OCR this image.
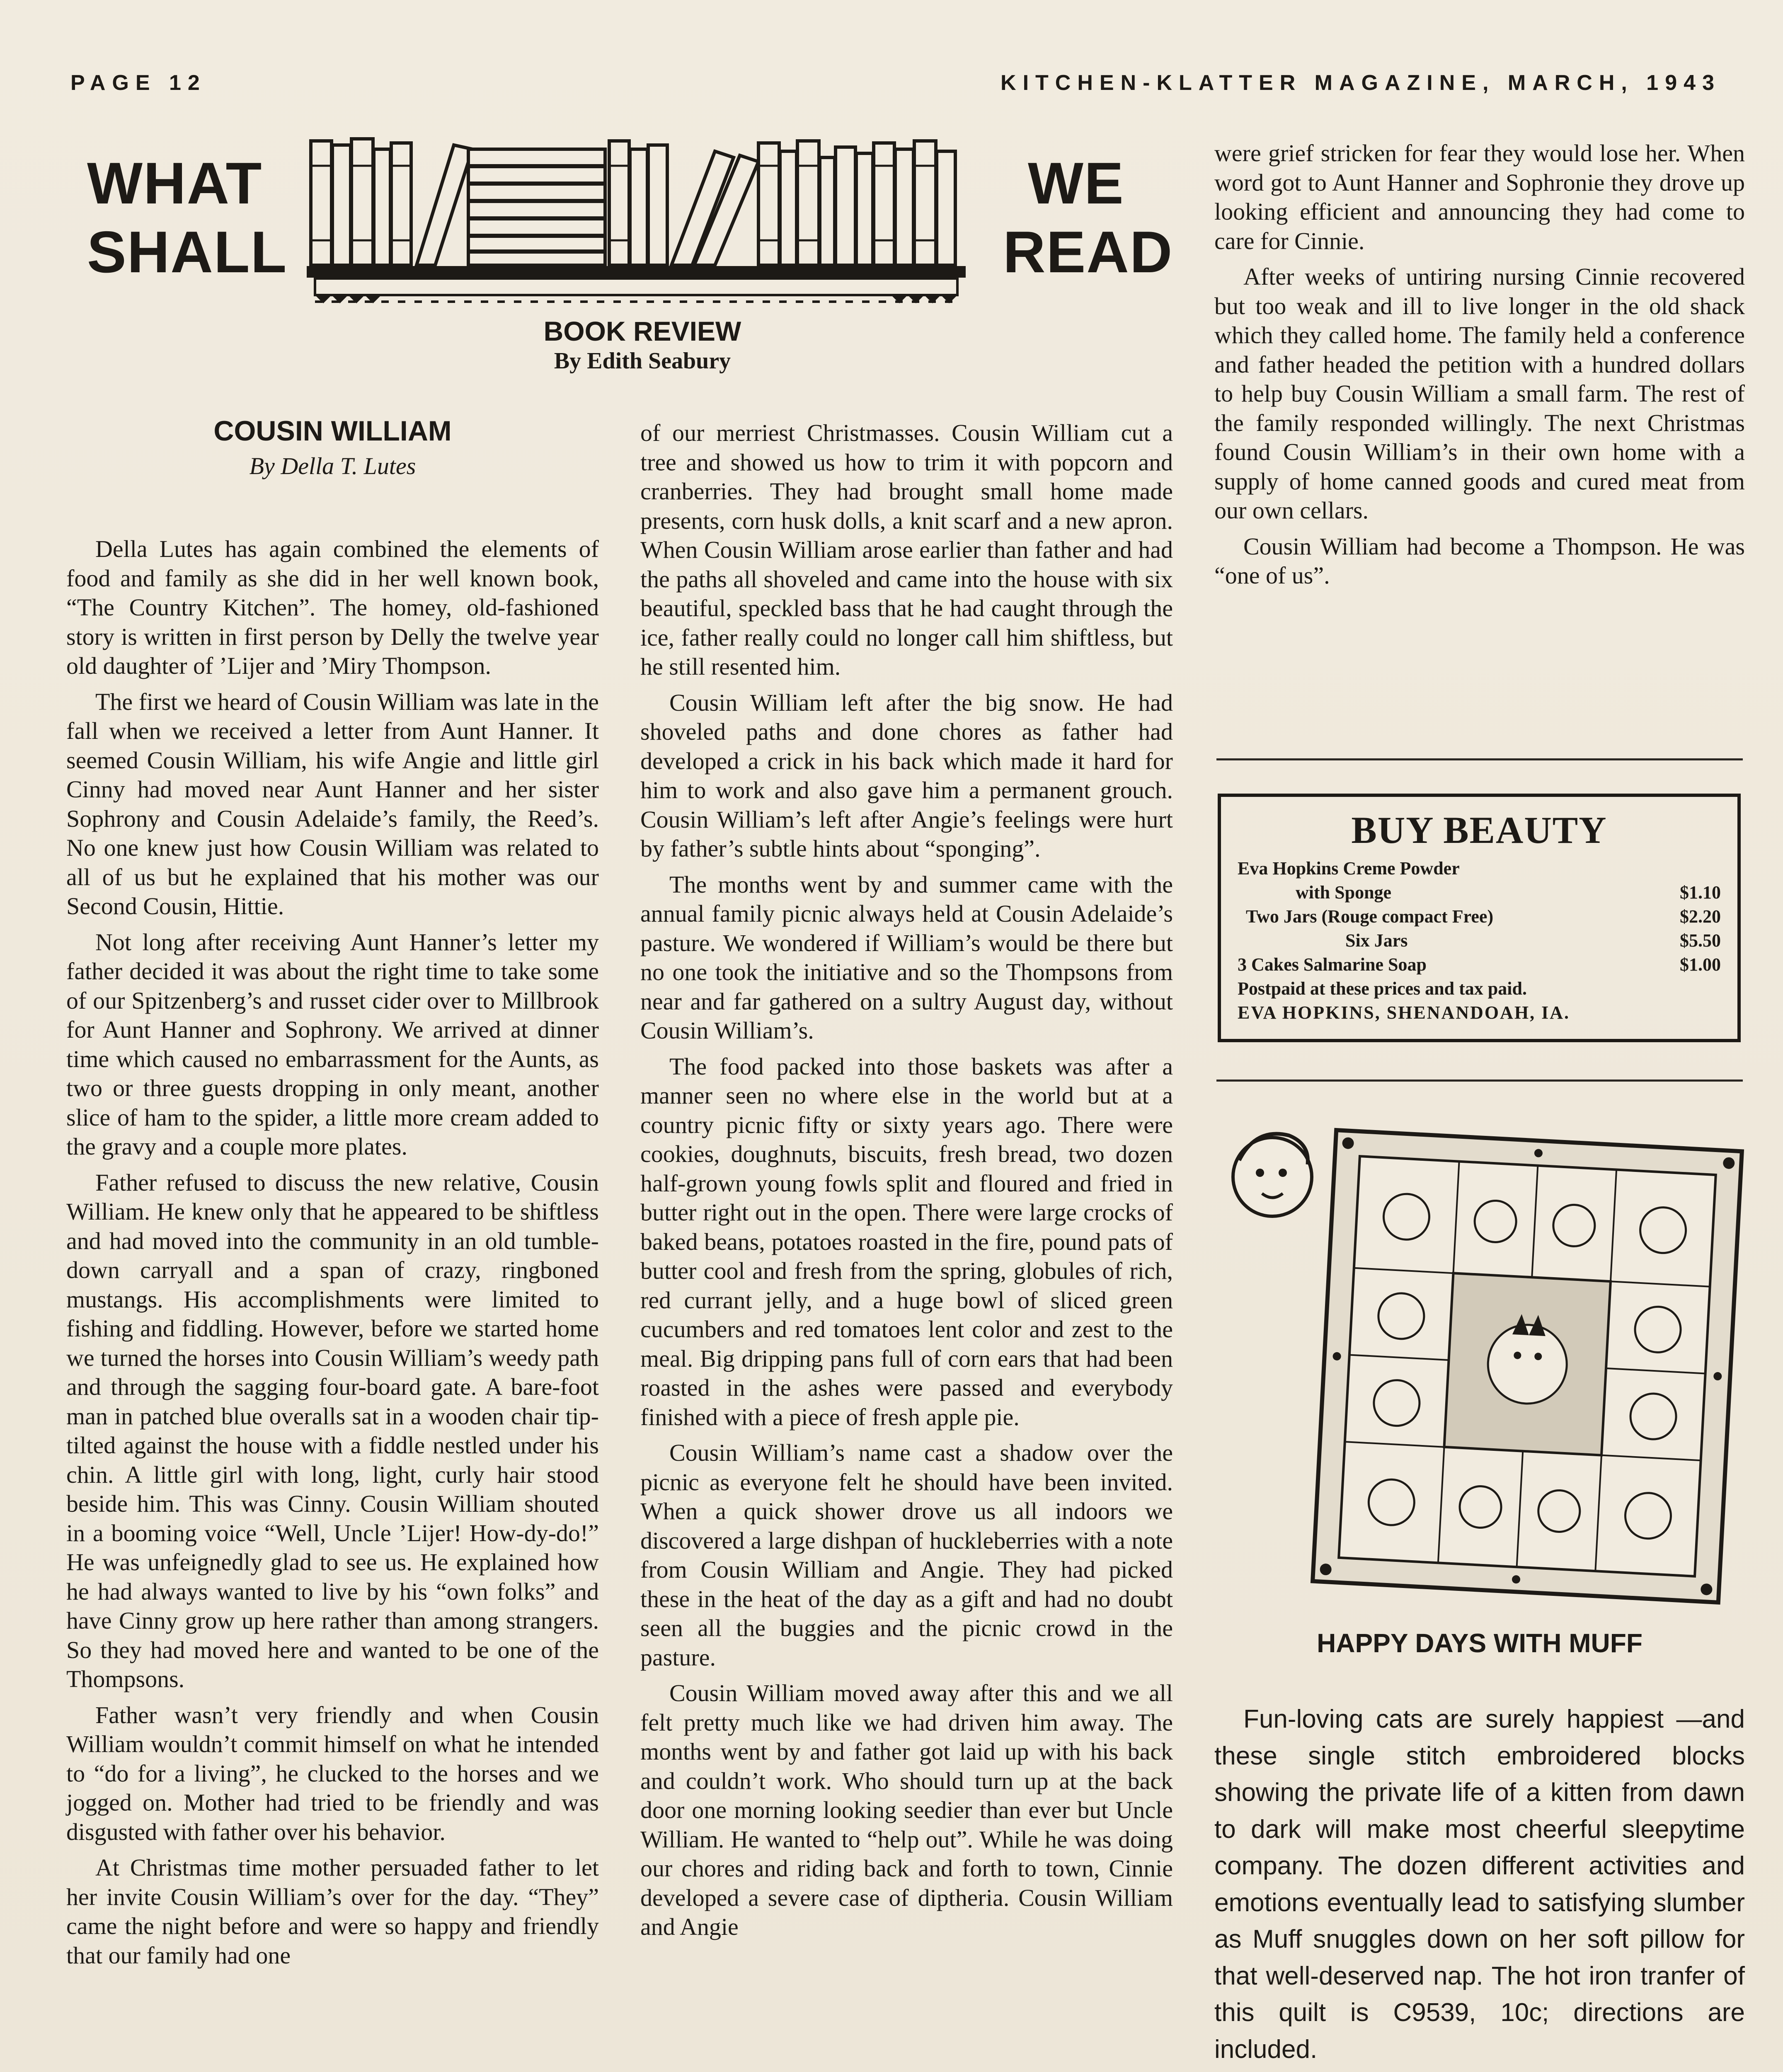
PAGE 12	KITCHEN-KLATTER MAGAZINE, MARCH, 1943
WHAT
SHALL
WE
READ
BOOK REVIEW
By Edith Seabury
COUSIN WILLIAM
By Della T. Lutes

Della Lutes has again combined the elements of food and family as she did in her well known book, “The Country Kitchen”. The homey, old-fashioned story is written in first person by Delly the twelve year old daughter of ’Lijer and ’Miry Thompson.

The first we heard of Cousin William was late in the fall when we received a letter from Aunt Hanner. It seemed Cousin William, his wife Angie and little girl Cinny had moved near Aunt Hanner and her sister Sophrony and Cousin Adelaide’s family, the Reed’s. No one knew just how Cousin William was related to all of us but he explained that his mother was our Second Cousin, Hittie.

Not long after receiving Aunt Hanner’s letter my father decided it was about the right time to take some of our Spitzenberg’s and russet cider over to Millbrook for Aunt Hanner and Sophrony. We arrived at dinner time which caused no embarrassment for the Aunts, as two or three guests dropping in only meant, another slice of ham to the spider, a little more cream added to the gravy and a couple more plates.

Father refused to discuss the new relative, Cousin William. He knew only that he appeared to be shiftless and had moved into the community in an old tumble-down carryall and a span of crazy, ringboned mustangs. His accomplishments were limited to fishing and fiddling. However, before we started home we turned the horses into Cousin William’s weedy path and through the sagging four-board gate. A bare-foot man in patched blue overalls sat in a wooden chair tip-tilted against the house with a fiddle nestled under his chin. A little girl with long, light, curly hair stood beside him. This was Cinny. Cousin William shouted in a booming voice “Well, Uncle ’Lijer! How-dy-do!” He was unfeignedly glad to see us. He explained how he had always wanted to live by his “own folks” and have Cinny grow up here rather than among strangers. So they had moved here and wanted to be one of the Thompsons.

Father wasn’t very friendly and when Cousin William wouldn’t commit himself on what he intended to “do for a living”, he clucked to the horses and we jogged on. Mother had tried to be friendly and was disgusted with father over his behavior.

At Christmas time mother persuaded father to let her invite Cousin William’s over for the day. “They” came the night before and were so happy and friendly that our family had one

of our merriest Christmasses. Cousin William cut a tree and showed us how to trim it with popcorn and cranberries. They had brought small home made presents, corn husk dolls, a knit scarf and a new apron. When Cousin William arose earlier than father and had the paths all shoveled and came into the house with six beautiful, speckled bass that he had caught through the ice, father really could no longer call him shiftless, but he still resented him.

Cousin William left after the big snow. He had shoveled paths and done chores as father had developed a crick in his back which made it hard for him to work and also gave him a permanent grouch. Cousin William’s left after Angie’s feelings were hurt by father’s subtle hints about “sponging”.

The months went by and summer came with the annual family picnic always held at Cousin Adelaide’s pasture. We wondered if William’s would be there but no one took the initiative and so the Thompsons from near and far gathered on a sultry August day, without Cousin William’s.

The food packed into those baskets was after a manner seen no where else in the world but at a country picnic fifty or sixty years ago. There were cookies, doughnuts, biscuits, fresh bread, two dozen half-grown young fowls split and floured and fried in butter right out in the open. There were large crocks of baked beans, potatoes roasted in the fire, pound pats of butter cool and fresh from the spring, globules of rich, red currant jelly, and a huge bowl of sliced green cucumbers and red tomatoes lent color and zest to the meal. Big dripping pans full of corn ears that had been roasted in the ashes were passed and everybody finished with a piece of fresh apple pie.

Cousin William’s name cast a shadow over the picnic as everyone felt he should have been invited. When a quick shower drove us all indoors we discovered a large dishpan of huckleberries with a note from Cousin William and Angie. They had picked these in the heat of the day as a gift and had no doubt seen all the buggies and the picnic crowd in the pasture.

Cousin William moved away after this and we all felt pretty much like we had driven him away. The months went by and father got laid up with his back and couldn’t work. Who should turn up at the back door one morning looking seedier than ever but Uncle William. He wanted to “help out”. While he was doing our chores and riding back and forth to town, Cinnie developed a severe case of diptheria. Cousin William and Angie

were grief stricken for fear they would lose her. When word got to Aunt Hanner and Sophronie they drove up looking efficient and announcing they had come to care for Cinnie.

After weeks of untiring nursing Cinnie recovered but too weak and ill to live longer in the old shack which they called home. The family held a conference and father headed the petition with a hundred dollars to help buy Cousin William a small farm. The rest of the family responded willingly. The next Christmas found Cousin William’s in their own home with a supply of home canned goods and cured meat from our own cellars.

Cousin William had become a Thompson. He was “one of us”.

BUY BEAUTY
Eva Hopkins Creme Powder
with Sponge	$1.10
Two Jars (Rouge compact Free)	$2.20
Six Jars	$5.50
3 Cakes Salmarine Soap	$1.00
Postpaid at these prices and tax paid.
EVA HOPKINS, SHENANDOAH, IA.
HAPPY DAYS WITH MUFF

Fun-loving cats are surely happiest —and these single stitch embroidered blocks showing the private life of a kitten from dawn to dark will make most cheerful sleepytime company. The dozen different activities and emotions eventually lead to satisfying slumber as Muff snuggles down on her soft pillow for that well-deserved nap. The hot iron tranfer of this quilt is C9539, 10c; directions are included.
